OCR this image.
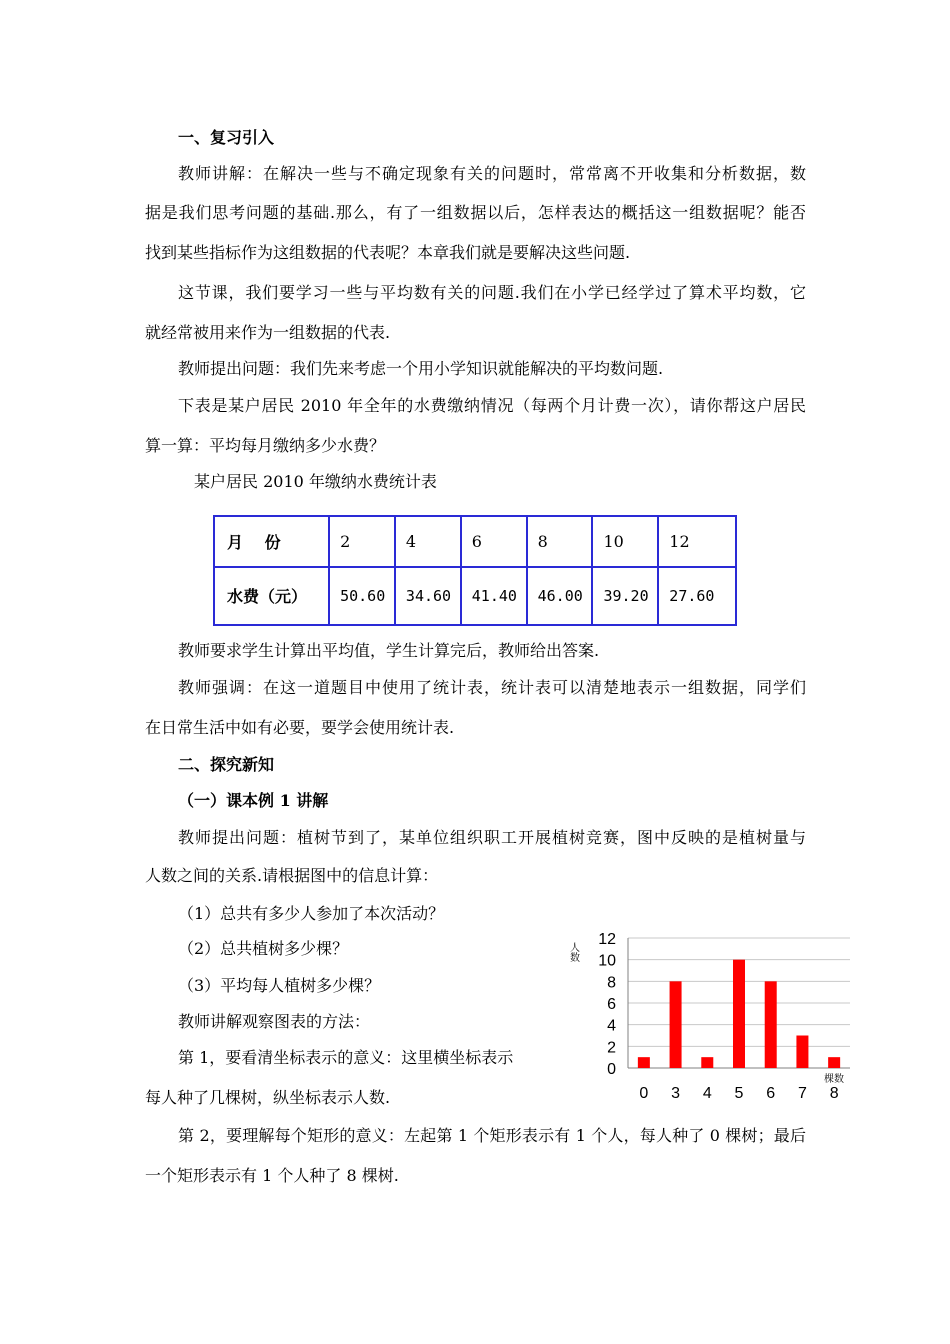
一、复习引入
教师讲解：在解决一些与不确定现象有关的问题时，常常离不开收集和分析数据，数
据是我们思考问题的基础.那么，有了一组数据以后，怎样表达的概括这一组数据呢？能否
找到某些指标作为这组数据的代表呢？本章我们就是要解决这些问题.
这节课，我们要学习一些与平均数有关的问题.我们在小学已经学过了算术平均数，它
就经常被用来作为一组数据的代表.
教师提出问题：我们先来考虑一个用小学知识就能解决的平均数问题.
下表是某户居民 2010 年全年的水费缴纳情况（每两个月计费一次），请你帮这户居民
算一算：平均每月缴纳多少水费？
某户居民 2010 年缴纳水费统计表
月　 份	2	4	6	8	10	12
水费（元）	50.60	34.60	41.40	46.00	39.20	27.60
教师要求学生计算出平均值，学生计算完后，教师给出答案.
教师强调：在这一道题目中使用了统计表，统计表可以清楚地表示一组数据，同学们
在日常生活中如有必要，要学会使用统计表.
二、探究新知
（一）课本例 1 讲解
教师提出问题：植树节到了，某单位组织职工开展植树竞赛，图中反映的是植树量与
人数之间的关系.请根据图中的信息计算：
（1）总共有多少人参加了本次活动？
（2）总共植树多少棵？
（3）平均每人植树多少棵？
教师讲解观察图表的方法：
第 1，要看清坐标表示的意义：这里横坐标表示
每人种了几棵树，纵坐标表示人数.
第 2，要理解每个矩形的意义：左起第 1 个矩形表示有 1 个人，每人种了 0 棵树；最后
一个矩形表示有 1 个人种了 8 棵树.
0
2
4
6
8
10
12
人数
0 3 4 5 6 7 8
棵数
